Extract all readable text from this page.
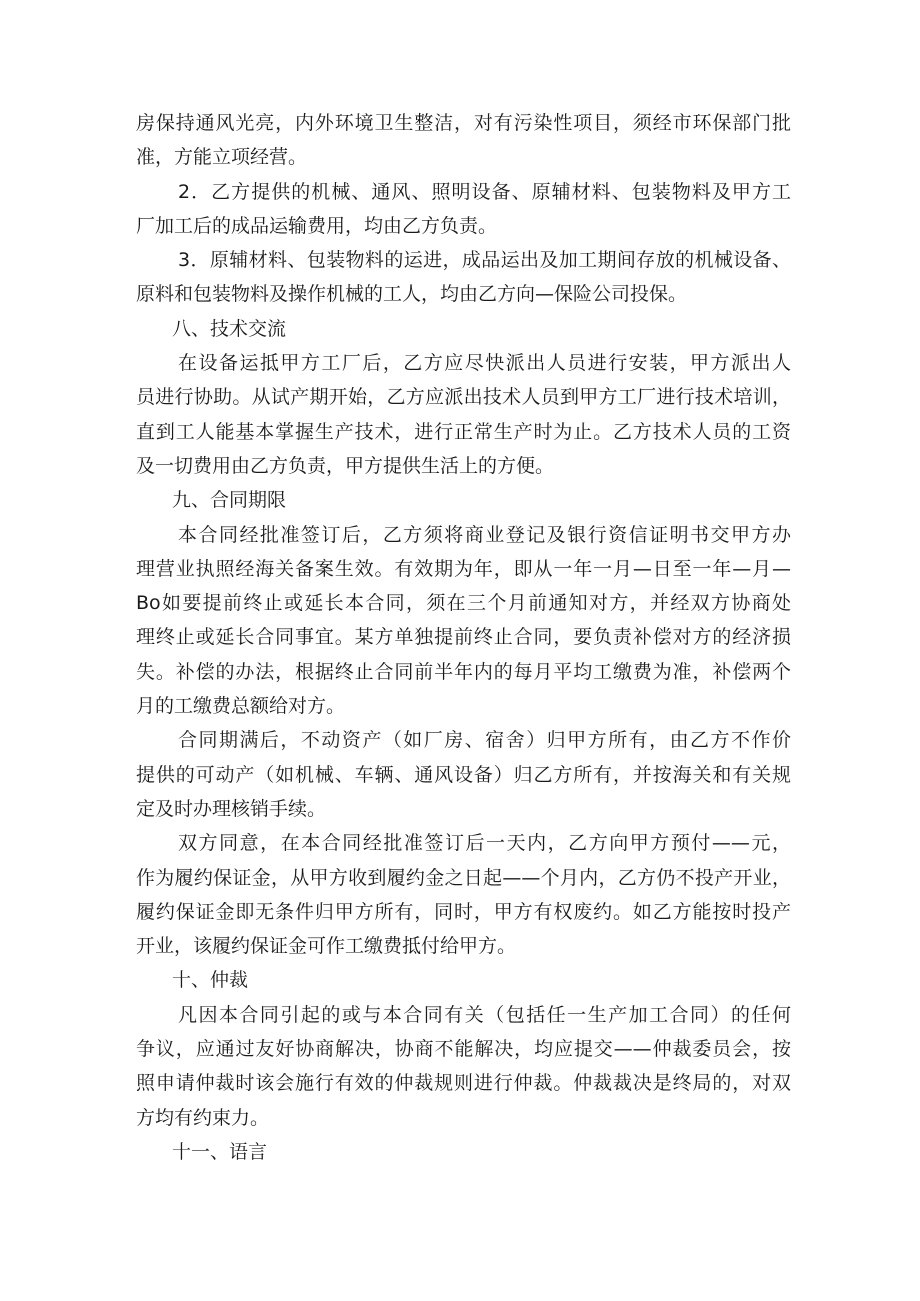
房保持通风光亮，内外环境卫生整洁，对有污染性项目，须经市环保部门批
准，方能立项经营。
2．乙方提供的机械、通风、照明设备、原辅材料、包装物料及甲方工
厂加工后的成品运输费用，均由乙方负责。
3．原辅材料、包装物料的运进，成品运出及加工期间存放的机械设备、
原料和包装物料及操作机械的工人，均由乙方向—保险公司投保。
八、技术交流
在设备运抵甲方工厂后，乙方应尽快派出人员进行安装，甲方派出人
员进行协助。从试产期开始，乙方应派出技术人员到甲方工厂进行技术培训，
直到工人能基本掌握生产技术，进行正常生产时为止。乙方技术人员的工资
及一切费用由乙方负责，甲方提供生活上的方便。
九、合同期限
本合同经批准签订后，乙方须将商业登记及银行资信证明书交甲方办
理营业执照经海关备案生效。有效期为年，即从一年一月—日至一年—月—
Bo如要提前终止或延长本合同，须在三个月前通知对方，并经双方协商处
理终止或延长合同事宜。某方单独提前终止合同，要负责补偿对方的经济损
失。补偿的办法，根据终止合同前半年内的每月平均工缴费为准，补偿两个
月的工缴费总额给对方。
合同期满后，不动资产（如厂房、宿舍）归甲方所有，由乙方不作价
提供的可动产（如机械、车辆、通风设备）归乙方所有，并按海关和有关规
定及时办理核销手续。
双方同意，在本合同经批准签订后一天内，乙方向甲方预付——元，
作为履约保证金，从甲方收到履约金之日起——个月内，乙方仍不投产开业，
履约保证金即无条件归甲方所有，同时，甲方有权废约。如乙方能按时投产
开业，该履约保证金可作工缴费抵付给甲方。
十、仲裁
凡因本合同引起的或与本合同有关（包括任一生产加工合同）的任何
争议，应通过友好协商解决，协商不能解决，均应提交——仲裁委员会，按
照申请仲裁时该会施行有效的仲裁规则进行仲裁。仲裁裁决是终局的，对双
方均有约束力。
十一、语言
